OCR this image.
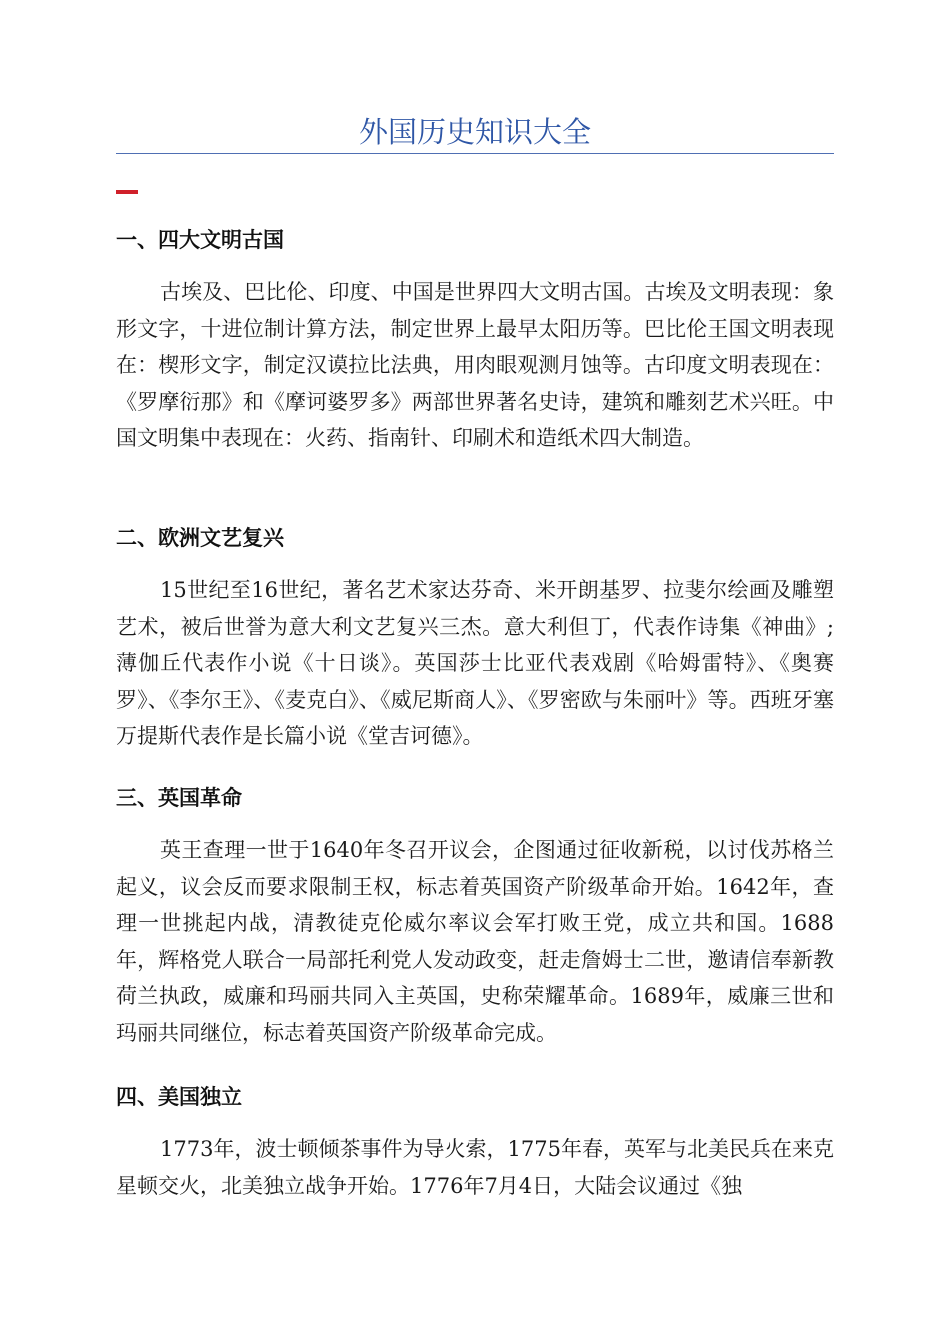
外国历史知识大全
一、四大文明古国

古埃及、巴比伦、印度、中国是世界四大文明古国。古埃及文明表现：象形文字，十进位制计算方法，制定世界上最早太阳历等。巴比伦王国文明表现在：楔形文字，制定汉谟拉比法典，用肉眼观测月蚀等。古印度文明表现在：《罗摩衍那》和《摩诃婆罗多》两部世界著名史诗，建筑和雕刻艺术兴旺。中国文明集中表现在：火药、指南针、印刷术和造纸术四大制造。

二、欧洲文艺复兴

15世纪至16世纪，著名艺术家达芬奇、米开朗基罗、拉斐尔绘画及雕塑艺术，被后世誉为意大利文艺复兴三杰。意大利但丁，代表作诗集《神曲》;薄伽丘代表作小说《十日谈》。英国莎士比亚代表戏剧《哈姆雷特》、《奥赛罗》、《李尔王》、《麦克白》、《威尼斯商人》、《罗密欧与朱丽叶》等。西班牙塞万提斯代表作是长篇小说《堂吉诃德》。

三、英国革命

英王查理一世于1640年冬召开议会，企图通过征收新税，以讨伐苏格兰起义，议会反而要求限制王权，标志着英国资产阶级革命开始。1642年，查理一世挑起内战，清教徒克伦威尔率议会军打败王党，成立共和国。1688年，辉格党人联合一局部托利党人发动政变，赶走詹姆士二世，邀请信奉新教荷兰执政，威廉和玛丽共同入主英国，史称荣耀革命。1689年，威廉三世和玛丽共同继位，标志着英国资产阶级革命完成。

四、美国独立

1773年，波士顿倾茶事件为导火索，1775年春，英军与北美民兵在来克星顿交火，北美独立战争开始。1776年7月4日，大陆会议通过《独
